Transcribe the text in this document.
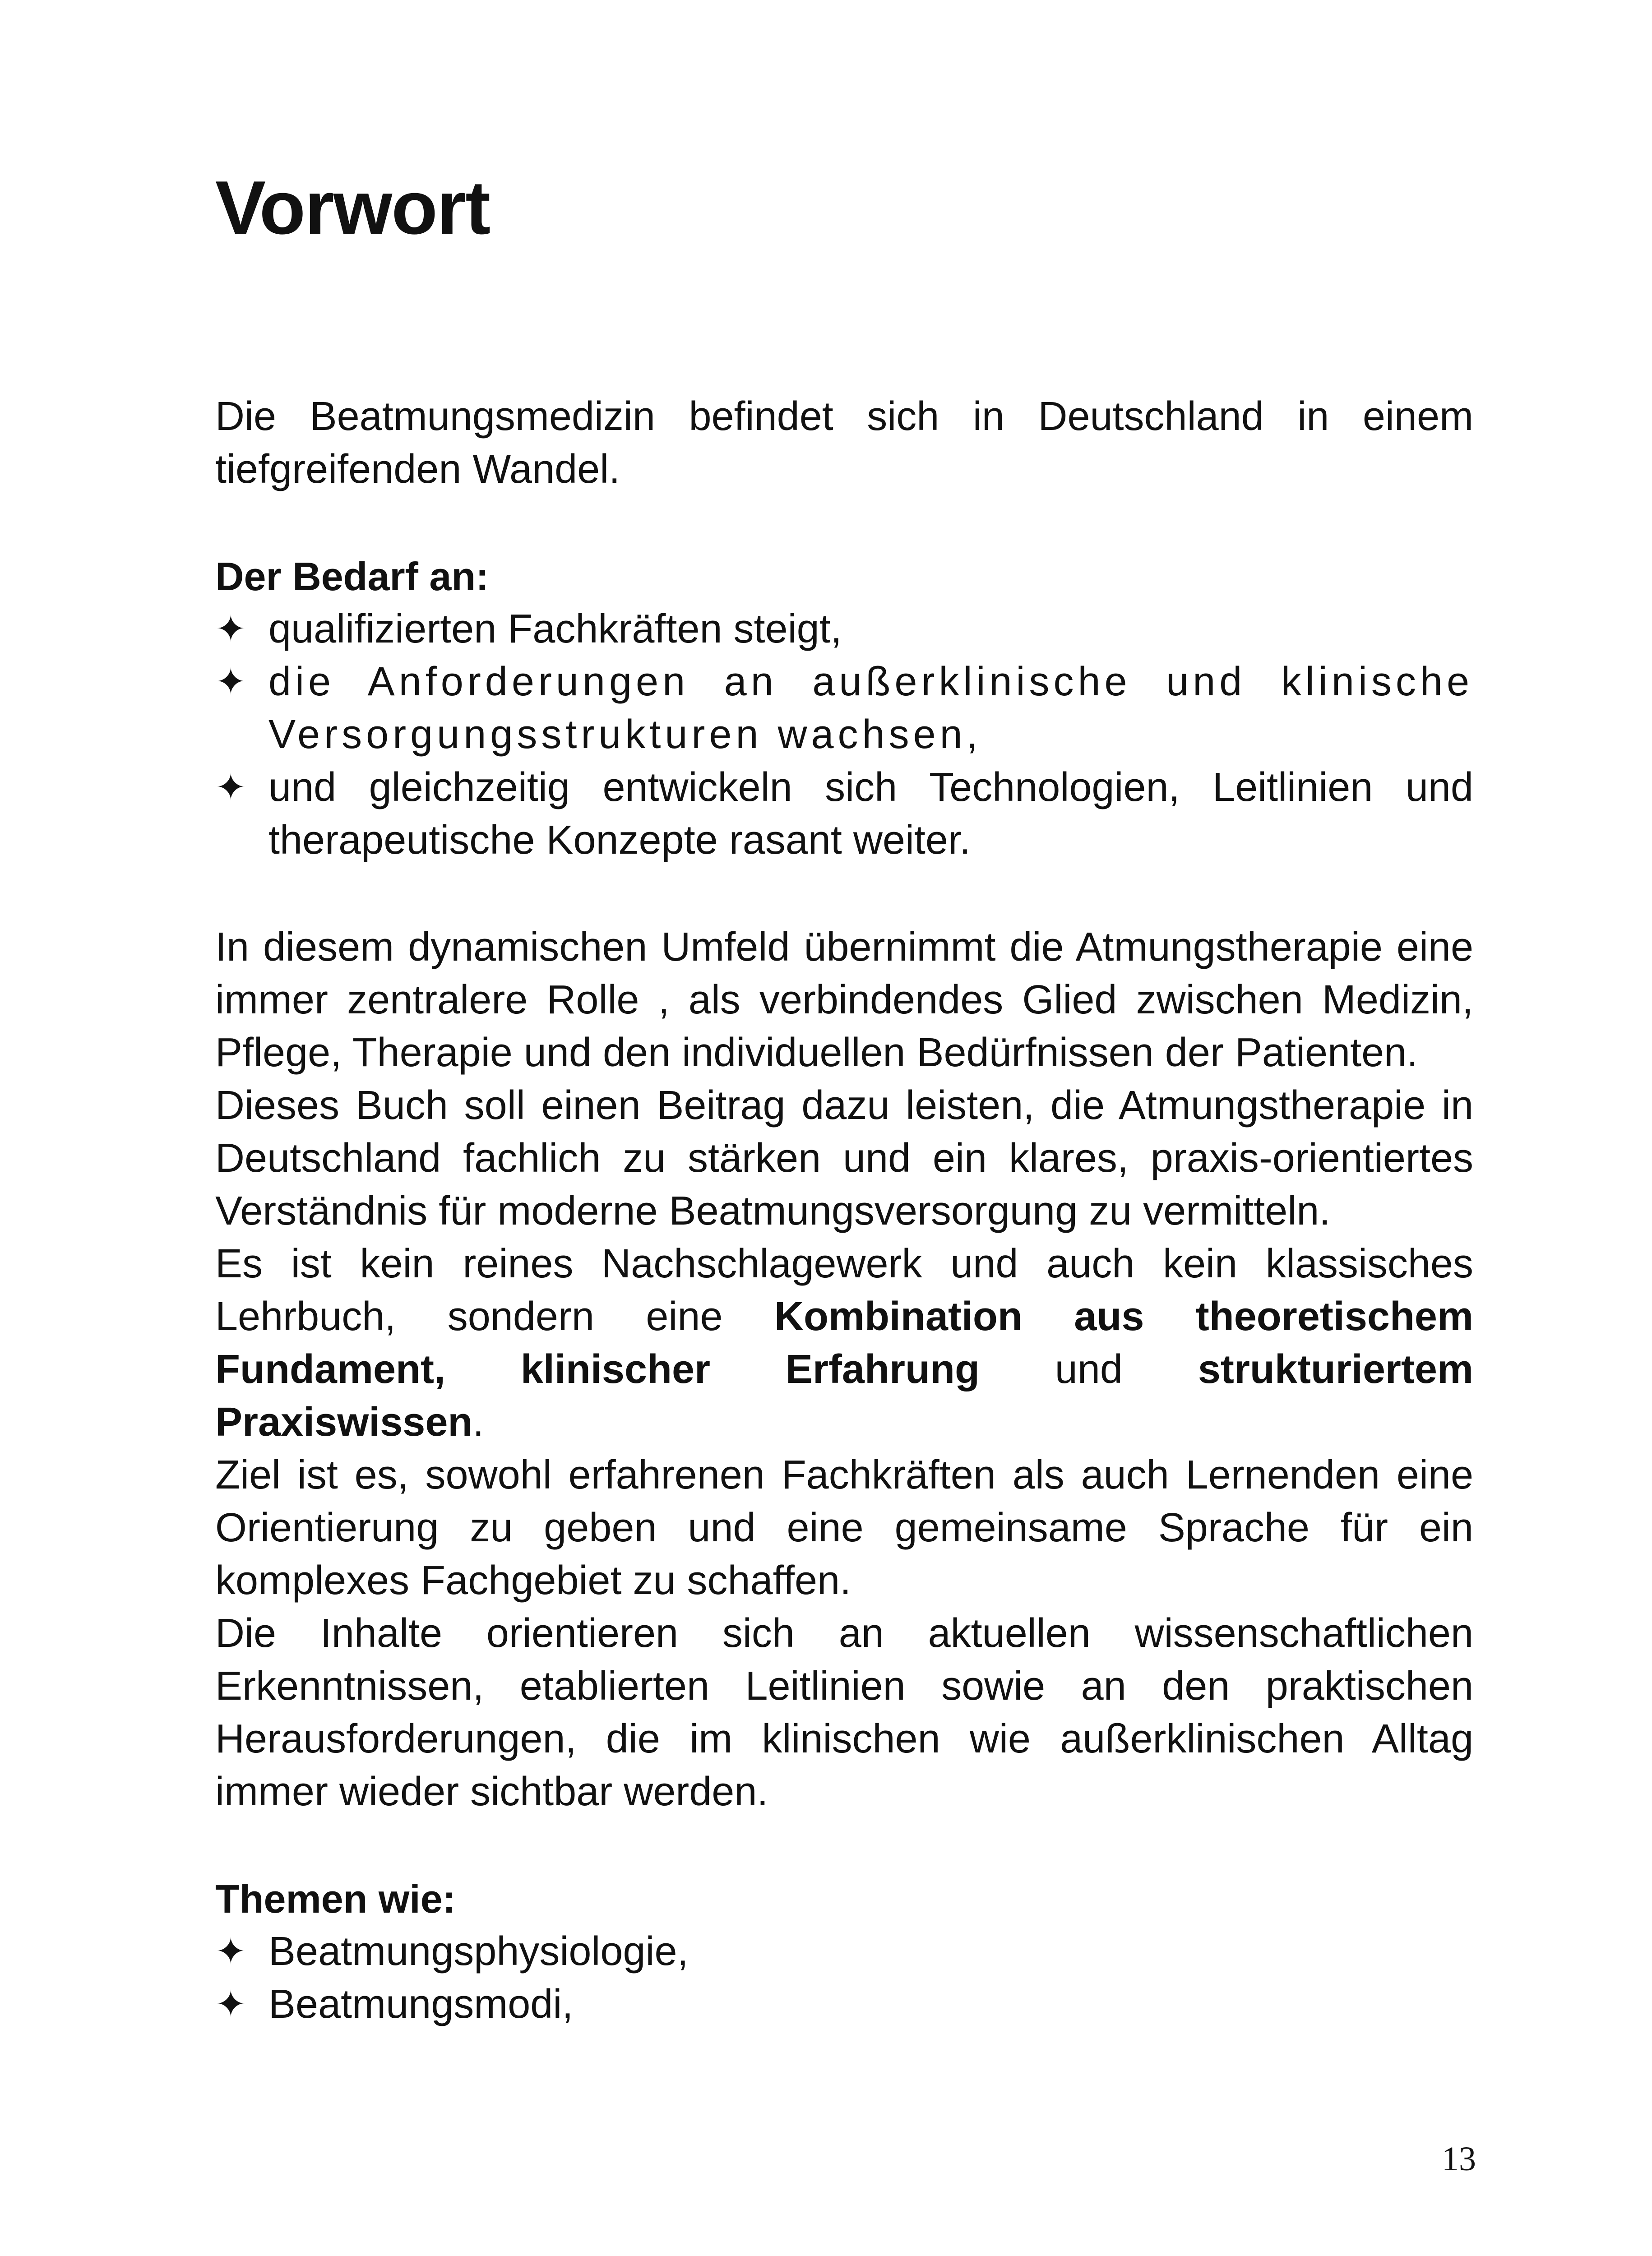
Vorwort

Die Beatmungsmedizin befindet sich in Deutschland in einem tiefgreifenden Wandel.

Der Bedarf an:

✦ qualifizierten Fachkräften steigt,
✦ die Anforderungen an außerklinische und klinische Versorgungsstrukturen wachsen,
✦ und gleichzeitig entwickeln sich Technologien, Leitlinien und therapeutische Konzepte rasant weiter.

In diesem dynamischen Umfeld übernimmt die Atmungstherapie eine immer zentralere Rolle , als verbindendes Glied zwischen Medizin, Pflege, Therapie und den individuellen Bedürfnissen der Patienten.

Dieses Buch soll einen Beitrag dazu leisten, die Atmungstherapie in Deutschland fachlich zu stärken und ein klares, praxis-orientiertes Verständnis für moderne Beatmungsversorgung zu vermitteln.

Es ist kein reines Nachschlagewerk und auch kein klassisches Lehrbuch, sondern eine Kombination aus theoretischem Fundament, klinischer Erfahrung und strukturiertem Praxiswissen.

Ziel ist es, sowohl erfahrenen Fachkräften als auch Lernenden eine Orientierung zu geben und eine gemeinsame Sprache für ein komplexes Fachgebiet zu schaffen.

Die Inhalte orientieren sich an aktuellen wissenschaftlichen Erkenntnissen, etablierten Leitlinien sowie an den praktischen Herausforderungen, die im klinischen wie außerklinischen Alltag immer wieder sichtbar werden.

Themen wie:

✦ Beatmungsphysiologie,
✦ Beatmungsmodi,
13
